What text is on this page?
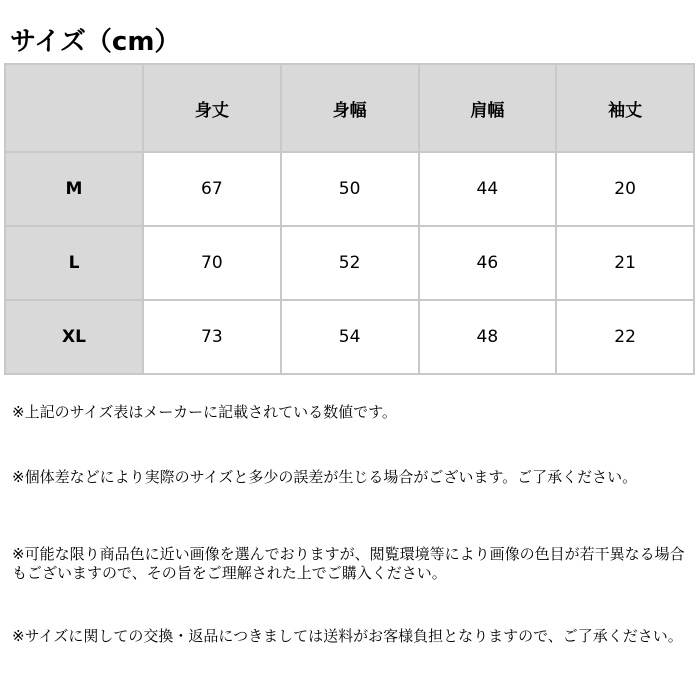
サイズ（cm）
	身丈	身幅	肩幅	袖丈
M	67	50	44	20
L	70	52	46	21
XL	73	54	48	22
※上記のサイズ表はメーカーに記載されている数値です。
※個体差などにより実際のサイズと多少の誤差が生じる場合がございます。ご了承ください。
※可能な限り商品色に近い画像を選んでおりますが、閲覧環境等により画像の色目が若干異なる場合もございますので、その旨をご理解された上でご購入ください。
※サイズに関しての交換・返品につきましては送料がお客様負担となりますので、ご了承ください。
